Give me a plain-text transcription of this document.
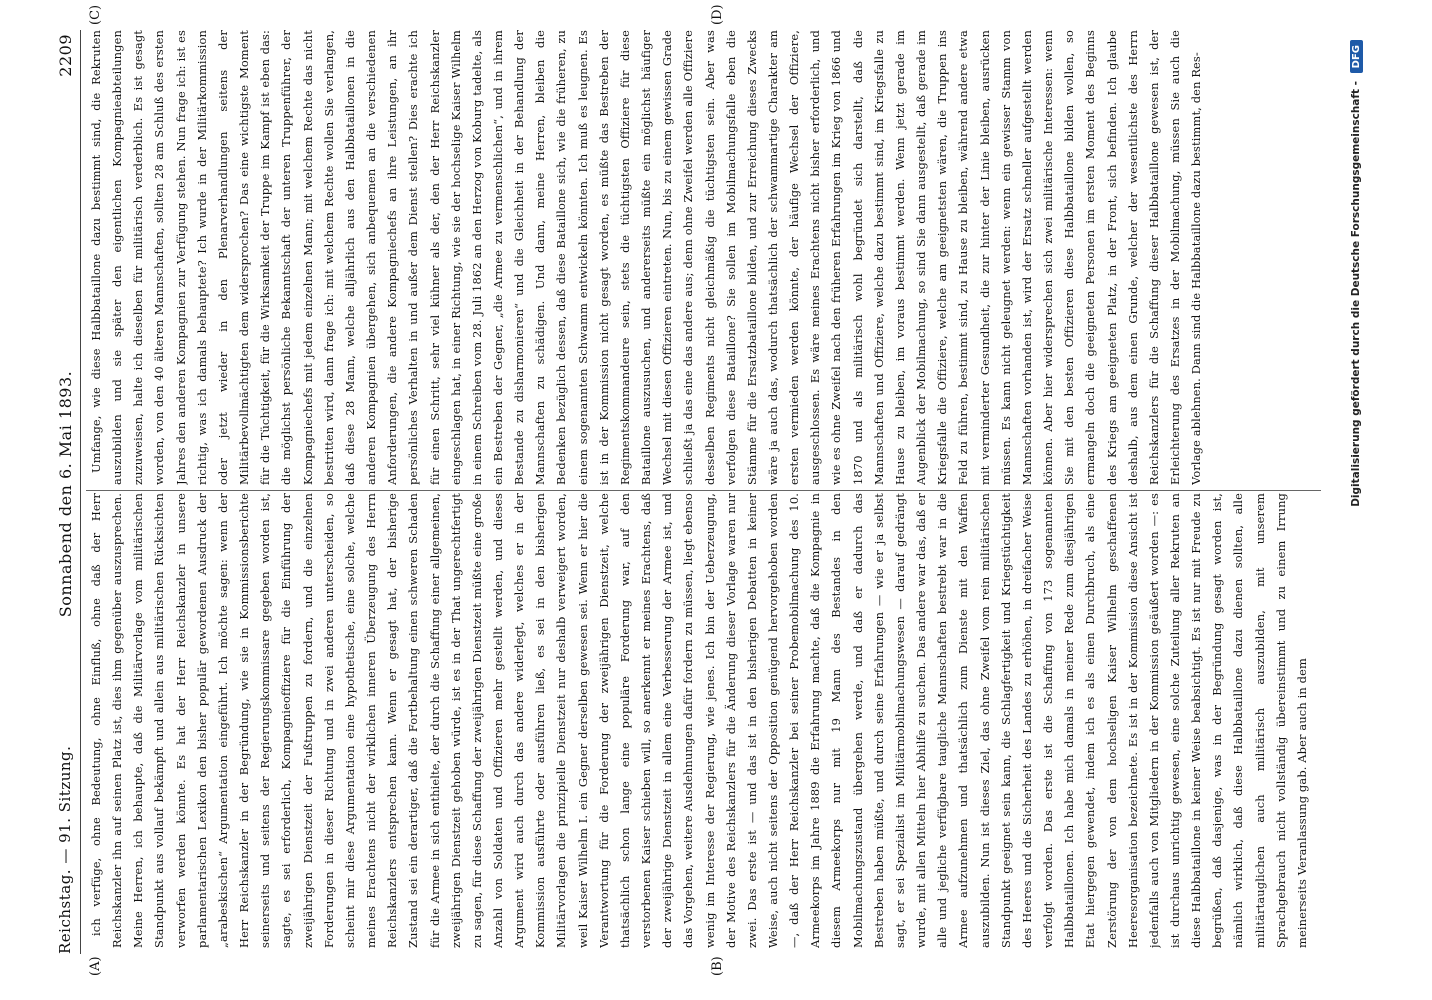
Reichstag. — 91. Sitzung.
Sonnabend den 6. Mai 1893.
2209
(A)	(B)
(C)	(D)

ich verfüge, ohne Bedeutung, ohne Einfluß, ohne daß der Herr Reichskanzler ihn auf seinen Platz ist, dies ihm gegenüber auszusprechen. Meine Herren, ich behaupte, daß die Militärvorlage vom militärischen Standpunkt aus vollauf bekämpft und allein aus militärischen Rücksichten verworfen werden könnte. Es hat der Herr Reichskanzler in unsere parlamentarischen Lexikon den bisher populär gewordenen Ausdruck der „arabeskischen“ Argumentation eingeführt. Ich möchte sagen: wenn der Herr Reichskanzler in der Begründung, wie sie in Kommissionsberichte seinerseits und seitens der Regierungskommissare gegeben worden ist, sagte, es sei erforderlich, Kompagnieoffiziere für die Einführung der zweijährigen Dienstzeit der Fußtruppen zu fordern, und die einzelnen Forderungen in dieser Richtung und in zwei anderen unterscheiden, so scheint mir diese Argumentation eine hypothetische, eine solche, welche meines Erachtens nicht der wirklichen inneren Überzeugung des Herrn Reichskanzlers entsprechen kann. Wenn er gesagt hat, der bisherige Zustand sei ein derartiger, daß die Fortbehaltung einen schweren Schaden für die Armee in sich enthielte, der durch die Schaffung einer allgemeinen, zweijährigen Dienstzeit gehoben würde, ist es in der That ungerechtfertigt zu sagen, für diese Schaffung der zweijährigen Dienstzeit müßte eine große Anzahl von Soldaten und Offizieren mehr gestellt werden, und dieses Argument wird auch durch das andere widerlegt, welches er in der Kommission ausführte oder ausführen ließ, es sei in den bisherigen Militärvorlagen die prinzipielle Dienstzeit nur deshalb verweigert worden, weil Kaiser Wilhelm I. ein Gegner derselben gewesen sei. Wenn er hier die Verantwortung für die Forderung der zweijährigen Dienstzeit, welche thatsächlich schon lange eine populäre Forderung war, auf den verstorbenen Kaiser schieben will, so anerkennt er meines Erachtens, daß der zweijährige Dienstzeit in allem eine Verbesserung der Armee ist, und das Vorgehen, weitere Ausdehnungen dafür fordern zu müssen, liegt ebenso wenig im Interesse der Regierung, wie jenes. Ich bin der Ueberzeugung, der Motive des Reichskanzlers für die Änderung dieser Vorlage waren nur zwei. Das erste ist — und das ist in den bisherigen Debatten in keiner Weise, auch nicht seitens der Opposition genügend hervorgehoben worden —, daß der Herr Reichskanzler bei seiner Probemobilmachung des 10. Armeekorps im Jahre 1889 die Erfahrung machte, daß die Kompagnie in diesem Armeekorps nur mit 19 Mann des Bestandes in den Mobilmachungszustand übergehen werde, und daß er dadurch das Bestreben haben müßte, und durch seine Erfahrungen — wie er ja selbst sagt, er sei Spezialist im Militärmobilmachungswesen — darauf gedrängt wurde, mit allen Mitteln hier Abhilfe zu suchen. Das andere war das, daß er alle und jegliche verfügbare taugliche Mannschaften bestrebt war in die Armee aufzunehmen und thatsächlich zum Dienste mit den Waffen auszubilden. Nun ist dieses Ziel, das ohne Zweifel vom rein militärischen Standpunkt geeignet sein kann, die Schlagfertigkeit und Kriegstüchtigkeit des Heeres und die Sicherheit des Landes zu erhöhen, in dreifacher Weise verfolgt worden. Das erste ist die Schaffung von 173 sogenannten Halbbataillonen. Ich habe mich damals in meiner Rede zum diesjährigen Etat hiergegen gewendet, indem ich es als einen Durchbruch, als eine Zerstörung der von dem hochseligen Kaiser Wilhelm geschaffenen Heeresorganisation bezeichnete. Es ist in der Kommission diese Ansicht ist jedenfalls auch von Mitgliedern in der Kommission geäußert worden —: es ist durchaus unrichtig gewesen, eine solche Zuteilung aller Rekruten an diese Halbbataillone in keiner Weise beabsichtigt. Es ist nur mit Freude zu begrüßen, daß dasjenige, was in der Begründung gesagt worden ist, nämlich wirklich, daß diese Halbbataillone dazu dienen sollten, alle militärtauglichen auch militärisch auszubilden, mit unserem Sprachgebrauch nicht vollständig übereinstimmt und zu einem Irrung meinerseits Veranlassung gab. Aber auch in dem

Umfange, wie diese Halbbataillone dazu bestimmt sind, die Rekruten auszubilden und sie später den eigentlichen Kompagnieabteilungen zuzuweisen, halte ich dieselben für militärisch verderblich. Es ist gesagt worden, von den 40 älteren Mannschaften, sollten 28 am Schluß des ersten Jahres den anderen Kompagnien zur Verfügung stehen. Nun frage ich: ist es richtig, was ich damals behauptete? Ich wurde in der Militärkommission oder jetzt wieder in den Plenarverhandlungen seitens der Militärbevollmächtigten dem widersprochen? Das eine wichtigste Moment für die Tüchtigkeit, für die Wirksamkeit der Truppe im Kampf ist eben das: die möglichst persönliche Bekanntschaft der unteren Truppenführer, der Kompagniechefs mit jedem einzelnen Mann; mit welchem Rechte das nicht bestritten wird, dann frage ich: mit welchem Rechte wollen Sie verlangen, daß diese 28 Mann, welche alljährlich aus den Halbbataillonen in die anderen Kompagnien übergehen, sich anbequemen an die verschiedenen Anforderungen, die andere Kompagniechefs an ihre Leistungen, an ihr persönliches Verhalten in und außer dem Dienst stellen? Dies erachte ich für einen Schritt, sehr viel kühner als der, den der Herr Reichskanzler eingeschlagen hat, in einer Richtung, wie sie der hochselige Kaiser Wilhelm in einem Schreiben vom 28. Juli 1862 an den Herzog von Koburg tadelte, als ein Bestreben der Gegner, „die Armee zu vermenschlichen“, und in ihrem Bestande zu disharmonieren“ und die Gleichheit in der Behandlung der Mannschaften zu schädigen. Und dann, meine Herren, bleiben die Bedenken bezüglich dessen, daß diese Bataillone sich, wie die früheren, zu einem sogenannten Schwamm entwickeln könnten. Ich muß es leugnen. Es ist in der Kommission nicht gesagt worden, es müßte das Bestreben der Regimentskommandeure sein, stets die tüchtigsten Offiziere für diese Bataillone auszusuchen, und andererseits müßte ein möglichst häufiger Wechsel mit diesen Offizieren eintreten. Nun, bis zu einem gewissen Grade schließt ja das eine das andere aus; denn ohne Zweifel werden alle Offiziere desselben Regiments nicht gleichmäßig die tüchtigsten sein. Aber was verfolgen diese Bataillone? Sie sollen im Mobilmachungsfalle eben die Stämme für die Ersatzbataillone bilden, und zur Erreichung dieses Zwecks wäre ja auch das, wodurch thatsächlich der schwammartige Charakter am ersten vermieden werden könnte, der häufige Wechsel der Offiziere, ausgeschlossen. Es wäre meines Erachtens nicht bisher erforderlich, und wie es ohne Zweifel nach den früheren Erfahrungen im Krieg von 1866 und 1870 und als militärisch wohl begründet sich darstellt, daß die Mannschaften und Offiziere, welche dazu bestimmt sind, im Kriegsfalle zu Hause zu bleiben, im voraus bestimmt werden. Wenn jetzt gerade im Augenblick der Mobilmachung, so sind Sie dann ausgestellt, daß gerade im Kriegsfalle die Offiziere, welche am geeignetsten wären, die Truppen ins Feld zu führen, bestimmt sind, zu Hause zu bleiben, während andere etwa mit verminderter Gesundheit, die zur hinter der Linie bleiben, ausrücken müssen. Es kann nicht geleugnet werden: wenn ein gewisser Stamm von Mannschaften vorhanden ist, wird der Ersatz schneller aufgestellt werden können. Aber hier widersprechen sich zwei militärische Interessen: wenn Sie mit den besten Offizieren diese Halbbataillone bilden wollen, so ermangeln doch die geeigneten Personen im ersten Moment des Beginns des Kriegs am geeigneten Platz, in der Front, sich befinden. Ich glaube deshalb, aus dem einen Grunde, welcher der wesentlichste des Herrn Reichskanzlers für die Schaffung dieser Halbbataillone gewesen ist, der Erleichterung des Ersatzes in der Mobilmachung, müssen Sie auch die Vorlage ablehnen. Dann sind die Halbbataillone dazu bestimmt, den Res-	Digitalisierung gefördert durch die Deutsche Forschungsgemeinschaft - DFG
